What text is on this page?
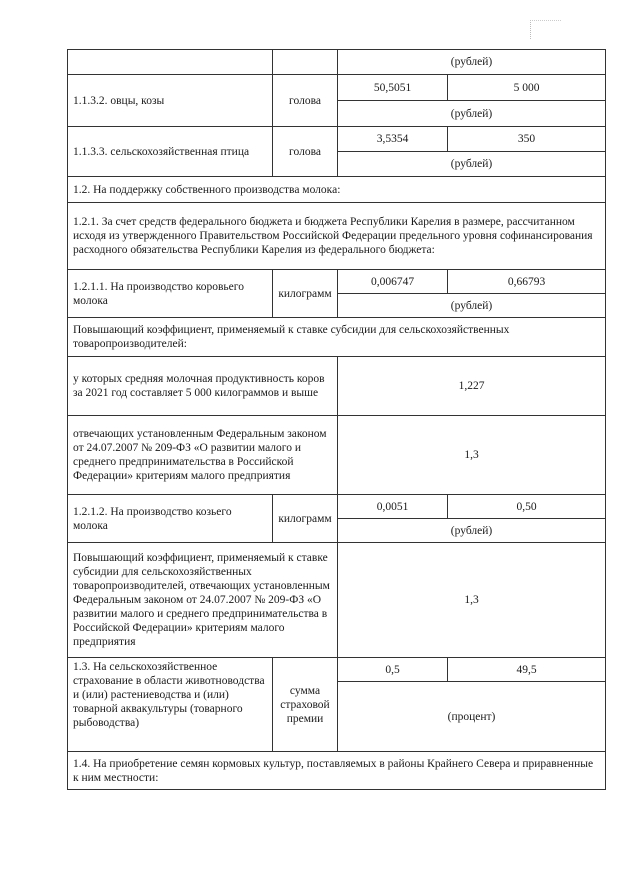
		(рублей)	
1.1.3.2. овцы, козы	голова	50,5051	5 000
		(рублей)	
1.1.3.3. сельскохозяйственная птица	голова	3,5354	350
		(рублей)	
1.2. На поддержку собственного производства молока:			
1.2.1. За счет средств федерального бюджета и бюджета Республики Карелия в размере, рассчитанном исходя из утвержденного Правительством Российской Федерации предельного уровня софинансирования расходного обязательства Республики Карелия из федерального бюджета:			
1.2.1.1. На производство коровьего молока	килограмм	0,006747	0,66793
		(рублей)	
Повышающий коэффициент, применяемый к ставке субсидии для сельскохозяйственных товаропроизводителей:			
у которых средняя молочная продуктивность коров за 2021 год составляет 5 000 килограммов и выше		1,227	
отвечающих установленным Федеральным законом от 24.07.2007 № 209-ФЗ «О развитии малого и среднего предпринимательства в Российской Федерации» критериям малого предприятия		1,3	
1.2.1.2. На производство козьего молока	килограмм	0,0051	0,50
		(рублей)	
Повышающий коэффициент, применяемый к ставке субсидии для сельскохозяйственных товаропроизводителей, отвечающих установленным Федеральным законом от 24.07.2007 № 209-ФЗ «О развитии малого и среднего предпринимательства в Российской Федерации» критериям малого предприятия		1,3	
1.3. На сельскохозяйственное страхование в области животноводства и (или) растениеводства и (или) товарной аквакультуры (товарного рыбоводства)	сумма страховой премии	0,5	49,5
		(процент)	
1.4. На приобретение семян кормовых культур, поставляемых в районы Крайнего Севера и приравненные к ним местности:			
